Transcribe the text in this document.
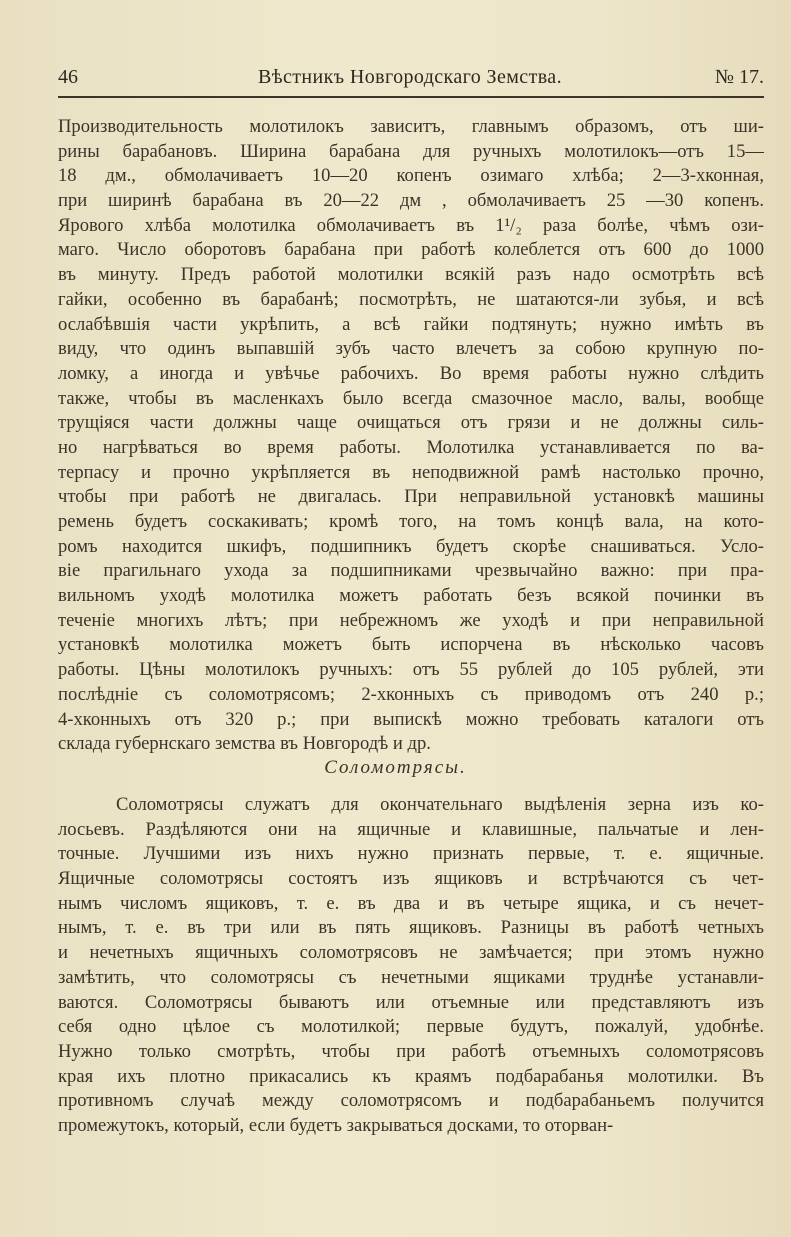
46	Вѣстникъ Новгородскаго Земства.	№ 17.
Производительность молотилокъ зависитъ, главнымъ образомъ, отъ ши-
рины барабановъ. Ширина барабана для ручныхъ молотилокъ—отъ 15—
18 дм., обмолачиваетъ 10—20 копенъ озимаго хлѣба; 2—3-хконная,
при ширинѣ барабана въ 20—22 дм , обмолачиваетъ 25 —30 копенъ.
Ярового хлѣба молотилка обмолачиваетъ въ 1¹/₂ раза болѣе, чѣмъ ози-
маго. Число оборотовъ барабана при работѣ колеблется отъ 600 до 1000
въ минуту. Предъ работой молотилки всякій разъ надо осмотрѣть всѣ
гайки, особенно въ барабанѣ; посмотрѣть, не шатаются-ли зубья, и всѣ
ослабѣвшія части укрѣпить, а всѣ гайки подтянуть; нужно имѣть въ
виду, что одинъ выпавшій зубъ часто влечетъ за собою крупную по-
ломку, а иногда и увѣчье рабочихъ. Во время работы нужно слѣдить
также, чтобы въ масленкахъ было всегда смазочное масло, валы, вообще
трущіяся части должны чаще очищаться отъ грязи и не должны силь-
но нагрѣваться во время работы. Молотилка устанавливается по ва-
терпасу и прочно укрѣпляется въ неподвижной рамѣ настолько прочно,
чтобы при работѣ не двигалась. При неправильной установкѣ машины
ремень будетъ соскакивать; кромѣ того, на томъ концѣ вала, на кото-
ромъ находится шкифъ, подшипникъ будетъ скорѣе снашиваться. Усло-
віе прагильнаго ухода за подшипниками чрезвычайно важно: при пра-
вильномъ уходѣ молотилка можетъ работать безъ всякой починки въ
теченіе многихъ лѣтъ; при небрежномъ же уходѣ и при неправильной
установкѣ молотилка можетъ быть испорчена въ нѣсколько часовъ
работы. Цѣны молотилокъ ручныхъ: отъ 55 рублей до 105 рублей, эти
послѣдніе съ соломотрясомъ; 2-хконныхъ съ приводомъ отъ 240 р.;
4-хконныхъ отъ 320 р.; при выпискѣ можно требовать каталоги отъ
склада губернскаго земства въ Новгородѣ и др.
Соломотрясы.
Соломотрясы служатъ для окончательнаго выдѣленія зерна изъ ко-
лосьевъ. Раздѣляются они на ящичные и клавишные, пальчатые и лен-
точные. Лучшими изъ нихъ нужно признать первые, т. е. ящичные.
Ящичные соломотрясы состоятъ изъ ящиковъ и встрѣчаются съ чет-
нымъ числомъ ящиковъ, т. е. въ два и въ четыре ящика, и съ нечет-
нымъ, т. е. въ три или въ пять ящиковъ. Разницы въ работѣ четныхъ
и нечетныхъ ящичныхъ соломотрясовъ не замѣчается; при этомъ нужно
замѣтить, что соломотрясы съ нечетными ящиками труднѣе устанавли-
ваются. Соломотрясы бываютъ или отъемные или представляютъ изъ
себя одно цѣлое съ молотилкой; первые будутъ, пожалуй, удобнѣе.
Нужно только смотрѣть, чтобы при работѣ отъемныхъ соломотрясовъ
края ихъ плотно прикасались къ краямъ подбарабанья молотилки. Въ
противномъ случаѣ между соломотрясомъ и подбарабаньемъ получится
промежутокъ, который, если будетъ закрываться досками, то оторван-
